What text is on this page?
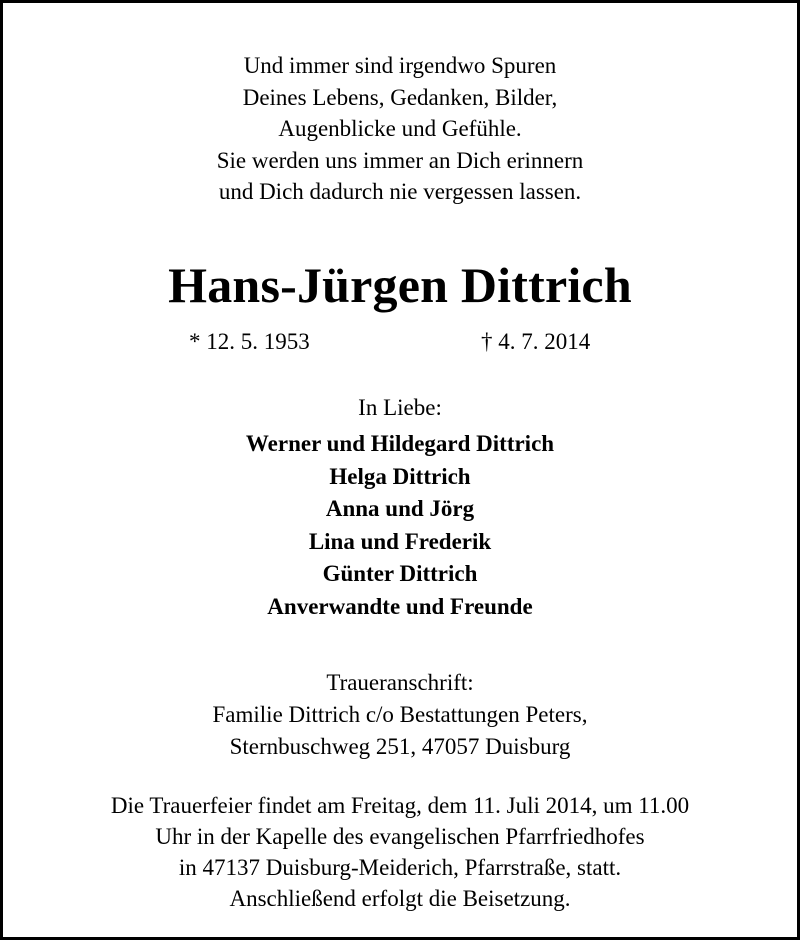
Und immer sind irgendwo Spuren
Deines Lebens, Gedanken, Bilder,
Augenblicke und Gefühle.
Sie werden uns immer an Dich erinnern
und Dich dadurch nie vergessen lassen.
Hans-Jürgen Dittrich
* 12. 5. 1953	† 4. 7. 2014
In Liebe:
Werner und Hildegard Dittrich
Helga Dittrich
Anna und Jörg
Lina und Frederik
Günter Dittrich
Anverwandte und Freunde
Traueranschrift:
Familie Dittrich c/o Bestattungen Peters,
Sternbuschweg 251, 47057 Duisburg
Die Trauerfeier findet am Freitag, dem 11. Juli 2014, um 11.00
Uhr in der Kapelle des evangelischen Pfarrfriedhofes
in 47137 Duisburg-Meiderich, Pfarrstraße, statt.
Anschließend erfolgt die Beisetzung.
